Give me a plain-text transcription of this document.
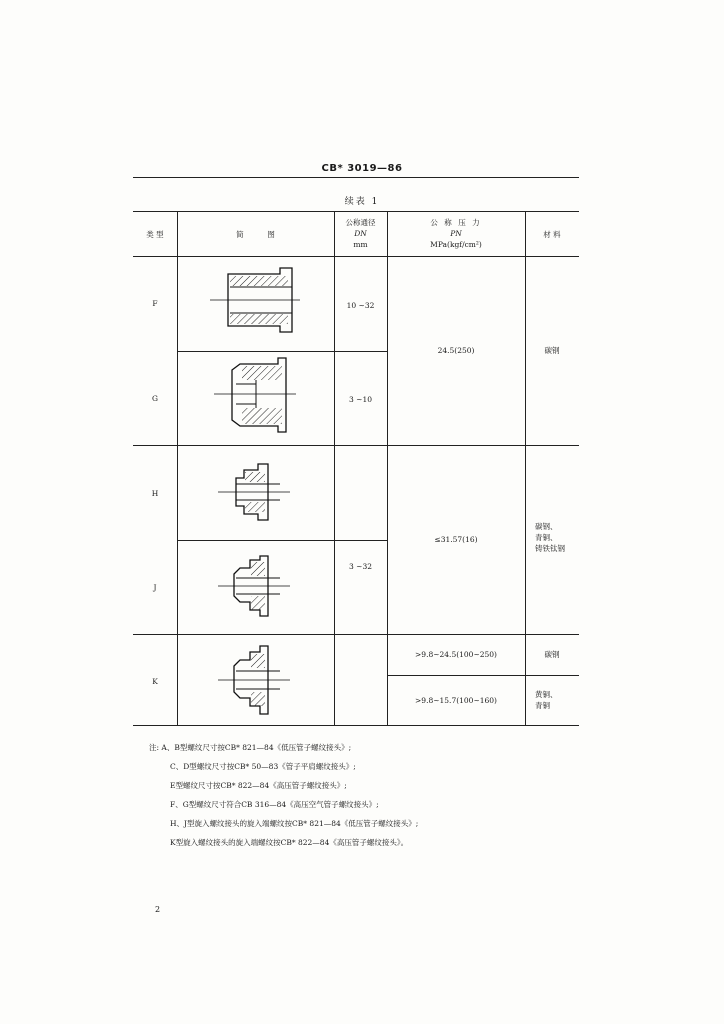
CB* 3019—86
续表 1
类 型	简          图
公称通径
DN
mm
公 称 压 力
PN
MPa(kgf/cm²)
材 料
F
G
H
J
K
10 ~32
3 ~10
3 ~32
24.5(250)
≤31.57(16)
>9.8~24.5(100~250)
>9.8~15.7(100~160)
碳钢
碳钢、
青铜、
铸铁钛钢
碳钢
黄铜、
青铜
注: A、B型螺纹尺寸按CB* 821—84《低压管子螺纹接头》;
C、D型螺纹尺寸按CB* 50—83《管子平肩螺纹接头》;
E型螺纹尺寸按CB* 822—84《高压管子螺纹接头》;
F、G型螺纹尺寸符合CB 316—84《高压空气管子螺纹接头》;
H、J型旋入螺纹接头的旋入端螺纹按CB* 821—84《低压管子螺纹接头》;
K型旋入螺纹接头的旋入端螺纹按CB* 822—84《高压管子螺纹接头》。
2
